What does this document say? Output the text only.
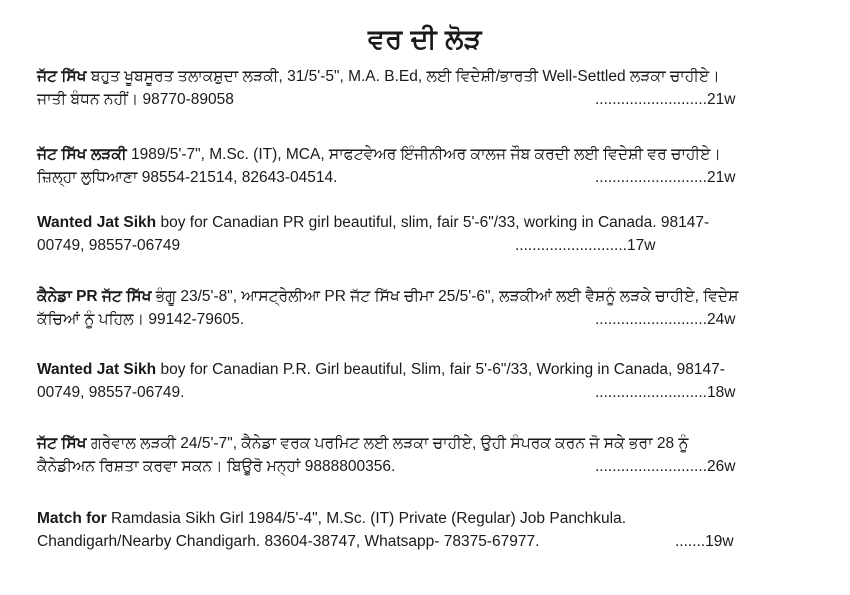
ਵਰ ਦੀ ਲੋੜ
ਜੱਟ ਸਿੱਖ ਬਹੁਤ ਖੂਬਸੂਰਤ ਤਲਾਕਸ਼ੁਦਾ ਲੜਕੀ, 31/5'-5", M.A. B.Ed, ਲਈ ਵਿਦੇਸ਼ੀ/ਭਾਰਤੀ Well-Settled ਲੜਕਾ ਚਾਹੀਏ।
ਜਾਤੀ ਬੰਧਨ ਨਹੀਂ। 98770-89058	..........................21w
ਜੱਟ ਸਿੱਖ ਲੜਕੀ 1989/5'-7", M.Sc. (IT), MCA, ਸਾਫਟਵੇਅਰ ਇੰਜੀਨੀਅਰ ਕਾਲਜ ਜੌਬ ਕਰਦੀ ਲਈ ਵਿਦੇਸ਼ੀ ਵਰ ਚਾਹੀਏ।
ਜ਼ਿਲ੍ਹਾ ਲੁਧਿਆਣਾ 98554-21514, 82643-04514.	..........................21w
Wanted Jat Sikh boy for Canadian PR girl beautiful, slim, fair 5'-6"/33, working in Canada. 98147-
00749, 98557-06749	..........................17w
ਕੈਨੇਡਾ PR ਜੱਟ ਸਿੱਖ ਭੰਗੂ 23/5'-8", ਆਸਟ੍ਰੇਲੀਆ PR ਜੱਟ ਸਿੱਖ ਚੀਮਾ 25/5'-6", ਲੜਕੀਆਂ ਲਈ ਵੈਸ਼ਨੂੰ ਲੜਕੇ ਚਾਹੀਏ, ਵਿਦੇਸ਼
ਕੱਚਿਆਂ ਨੂੰ ਪਹਿਲ। 99142-79605.	..........................24w
Wanted Jat Sikh boy for Canadian P.R. Girl beautiful, Slim, fair 5'-6"/33, Working in Canada, 98147-
00749, 98557-06749.	..........................18w
ਜੱਟ ਸਿੱਖ ਗਰੇਵਾਲ ਲੜਕੀ 24/5'-7", ਕੈਨੇਡਾ ਵਰਕ ਪਰਮਿਟ ਲਈ ਲੜਕਾ ਚਾਹੀਏ, ਉਹੀ ਸੰਪਰਕ ਕਰਨ ਜੋ ਸਕੇ ਭਰਾ 28 ਨੂੰ
ਕੈਨੇਡੀਅਨ ਰਿਸ਼ਤਾ ਕਰਵਾ ਸਕਨ। ਬਿਊਰੋ ਮਨ੍ਹਾਂ 9888800356.	..........................26w
Match for Ramdasia Sikh Girl 1984/5'-4", M.Sc. (IT) Private (Regular) Job Panchkula.
Chandigarh/Nearby Chandigarh. 83604-38747, Whatsapp- 78375-67977.	.......19w
